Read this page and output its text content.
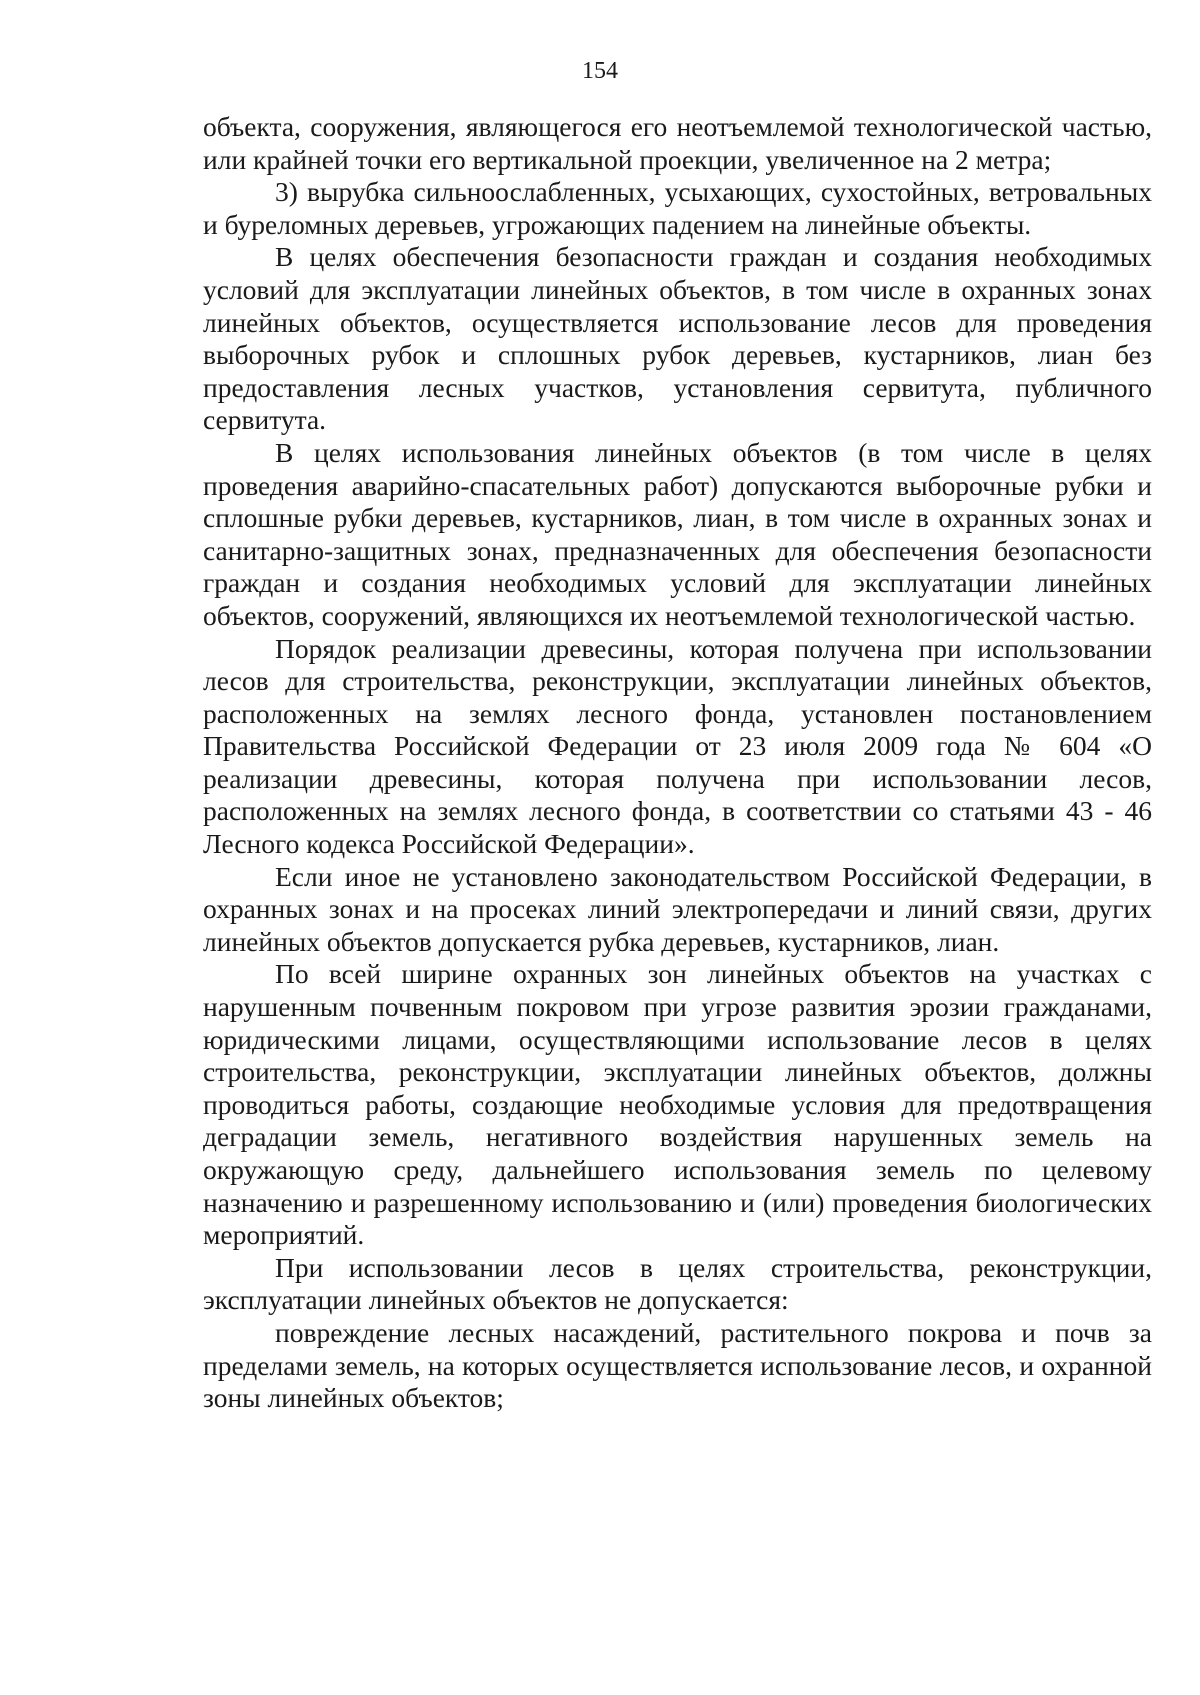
154

объекта, сооружения, являющегося его неотъемлемой технологической частью, или крайней точки его вертикальной проекции, увеличенное на 2 метра;

3) вырубка сильноослабленных, усыхающих, сухостойных, ветровальных и буреломных деревьев, угрожающих падением на линейные объекты.

В целях обеспечения безопасности граждан и создания необходимых условий для эксплуатации линейных объектов, в том числе в охранных зонах линейных объектов, осуществляется использование лесов для проведения выборочных рубок и сплошных рубок деревьев, кустарников, лиан без предоставления лесных участков, установления сервитута, публичного сервитута.

В целях использования линейных объектов (в том числе в целях проведения аварийно-спасательных работ) допускаются выборочные рубки и сплошные рубки деревьев, кустарников, лиан, в том числе в охранных зонах и санитарно-защитных зонах, предназначенных для обеспечения безопасности граждан и создания необходимых условий для эксплуатации линейных объектов, сооружений, являющихся их неотъемлемой технологической частью.

Порядок реализации древесины, которая получена при использовании лесов для строительства, реконструкции, эксплуатации линейных объектов, расположенных на землях лесного фонда, установлен постановлением Правительства Российской Федерации от 23 июля 2009 года № 604 «О реализации древесины, которая получена при использовании лесов, расположенных на землях лесного фонда, в соответствии со статьями 43 - 46 Лесного кодекса Российской Федерации».

Если иное не установлено законодательством Российской Федерации, в охранных зонах и на просеках линий электропередачи и линий связи, других линейных объектов допускается рубка деревьев, кустарников, лиан.

По всей ширине охранных зон линейных объектов на участках с нарушенным почвенным покровом при угрозе развития эрозии гражданами, юридическими лицами, осуществляющими использование лесов в целях строительства, реконструкции, эксплуатации линейных объектов, должны проводиться работы, создающие необходимые условия для предотвращения деградации земель, негативного воздействия нарушенных земель на окружающую среду, дальнейшего использования земель по целевому назначению и разрешенному использованию и (или) проведения биологических мероприятий.

При использовании лесов в целях строительства, реконструкции, эксплуатации линейных объектов не допускается:

повреждение лесных насаждений, растительного покрова и почв за пределами земель, на которых осуществляется использование лесов, и охранной зоны линейных объектов;
